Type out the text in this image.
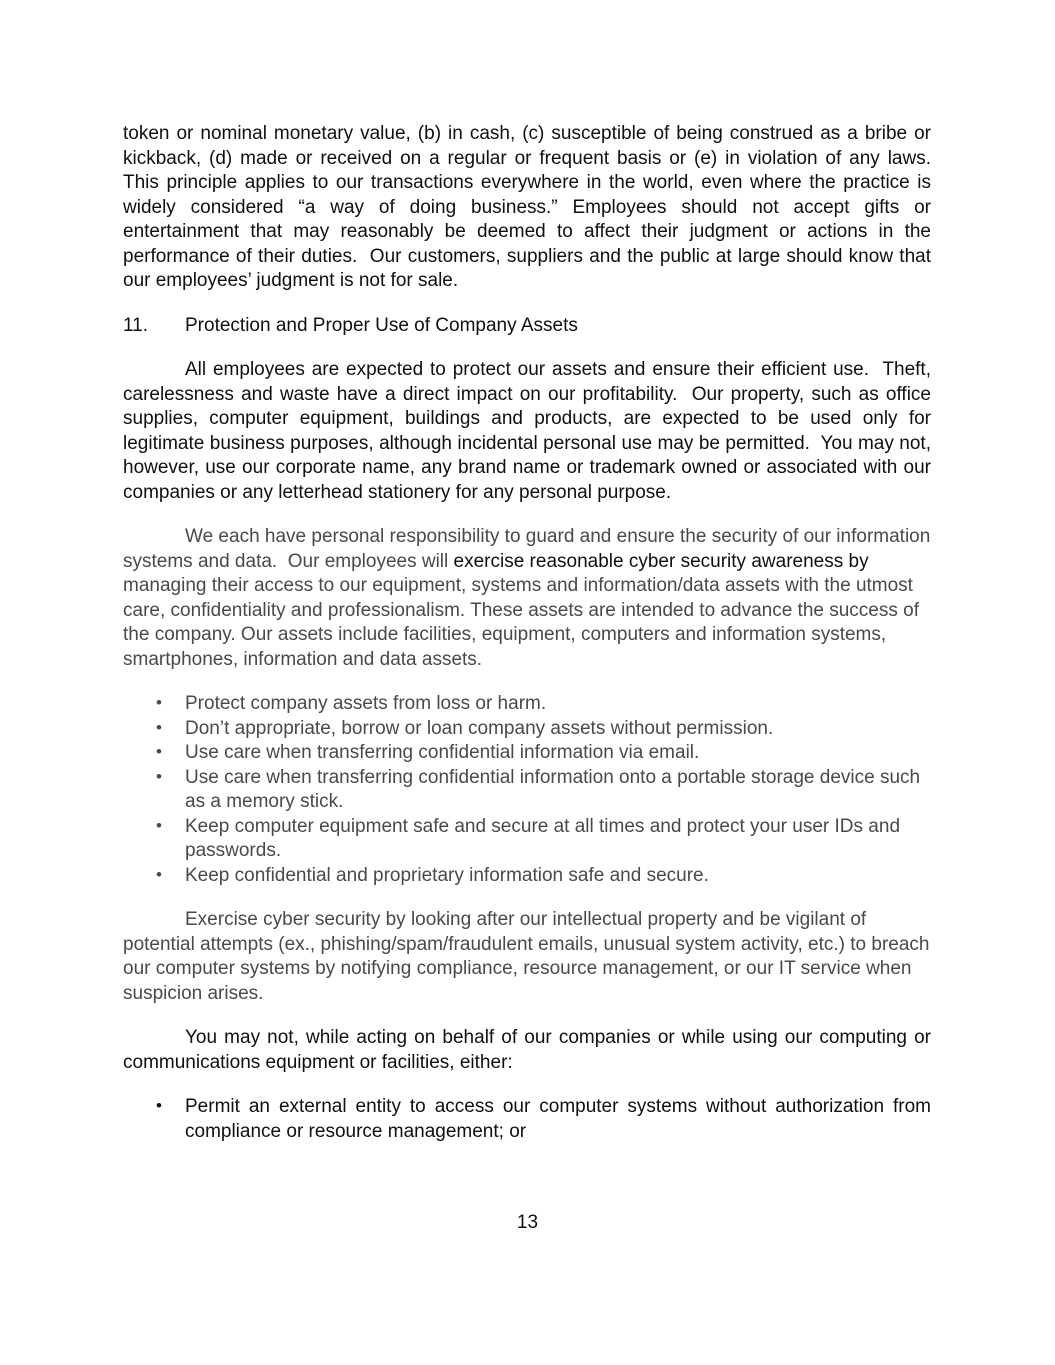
token or nominal monetary value, (b) in cash, (c) susceptible of being construed as a bribe or kickback, (d) made or received on a regular or frequent basis or (e) in violation of any laws.  This principle applies to our transactions everywhere in the world, even where the practice is widely considered “a way of doing business.” Employees should not accept gifts or entertainment that may reasonably be deemed to affect their judgment or actions in the performance of their duties.  Our customers, suppliers and the public at large should know that our employees’ judgment is not for sale.

11. Protection and Proper Use of Company Assets

All employees are expected to protect our assets and ensure their efficient use.  Theft, carelessness and waste have a direct impact on our profitability.  Our property, such as office supplies, computer equipment, buildings and products, are expected to be used only for legitimate business purposes, although incidental personal use may be permitted.  You may not, however, use our corporate name, any brand name or trademark owned or associated with our companies or any letterhead stationery for any personal purpose.

We each have personal responsibility to guard and ensure the security of our information systems and data.  Our employees will exercise reasonable cyber security awareness by managing their access to our equipment, systems and information/data assets with the utmost care, confidentiality and professionalism. These assets are intended to advance the success of the company. Our assets include facilities, equipment, computers and information systems, smartphones, information and data assets.

• Protect company assets from loss or harm.
• Don’t appropriate, borrow or loan company assets without permission.
• Use care when transferring confidential information via email.
• Use care when transferring confidential information onto a portable storage device such as a memory stick.
• Keep computer equipment safe and secure at all times and protect your user IDs and passwords.
• Keep confidential and proprietary information safe and secure.

Exercise cyber security by looking after our intellectual property and be vigilant of potential attempts (ex., phishing/spam/fraudulent emails, unusual system activity, etc.) to breach our computer systems by notifying compliance, resource management, or our IT service when suspicion arises.

You may not, while acting on behalf of our companies or while using our computing or communications equipment or facilities, either:

• Permit an external entity to access our computer systems without authorization from compliance or resource management; or
13
